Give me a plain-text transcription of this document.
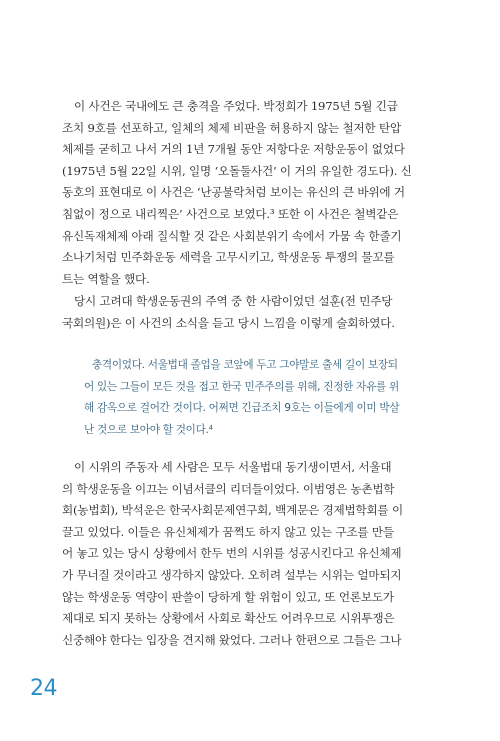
이 사건은 국내에도 큰 충격을 주었다. 박정희가 1975년 5월 긴급
조치 9호를 선포하고, 일체의 체제 비판을 허용하지 않는 철저한 탄압
체제를 굳히고 나서 거의 1년 7개월 동안 저항다운 저항운동이 없었다
(1975년 5월 22일 시위, 일명 ‘오돌둘사건’ 이 거의 유일한 경도다). 신
동호의 표현대로 이 사건은 ‘난공불락처럼 보이는 유신의 큰 바위에 거
침없이 정으로 내리찍은’ 사건으로 보였다.³ 또한 이 사건은 철벽같은
유신독재체제 아래 질식할 것 같은 사회분위기 속에서 가뭄 속 한줄기
소나기처럼 민주화운동 세력을 고무시키고, 학생운동 투쟁의 물꼬를
트는 역할을 했다.
당시 고려대 학생운동권의 주역 중 한 사람이었던 설훈(전 민주당
국회의원)은 이 사건의 소식을 듣고 당시 느낌을 이렇게 술회하였다.
충격이었다. 서울법대 졸업을 코앞에 두고 그야말로 출세 길이 보장되
어 있는 그들이 모든 것을 접고 한국 민주주의를 위해, 진정한 자유를 위
해 감옥으로 걸어간 것이다. 어쩌면 긴급조치 9호는 이들에게 이미 박살
난 것으로 보아야 할 것이다.⁴
이 시위의 주동자 세 사람은 모두 서울법대 동기생이면서, 서울대
의 학생운동을 이끄는 이념서클의 리더들이었다. 이범영은 농촌법학
회(농법회), 박석운은 한국사회문제연구회, 백계문은 경제법학회를 이
끌고 있었다. 이들은 유신체제가 꿈쩍도 하지 않고 있는 구조를 만들
어 놓고 있는 당시 상황에서 한두 번의 시위를 성공시킨다고 유신체제
가 무너질 것이라고 생각하지 않았다. 오히려 설부는 시위는 얼마되지
않는 학생운동 역량이 판쓸이 당하게 할 위험이 있고, 또 언론보도가
제대로 되지 못하는 상황에서 사회로 확산도 어려우므로 시위투쟁은
신중해야 한다는 입장을 견지해 왔었다. 그러나 한편으로 그들은 그나
24
